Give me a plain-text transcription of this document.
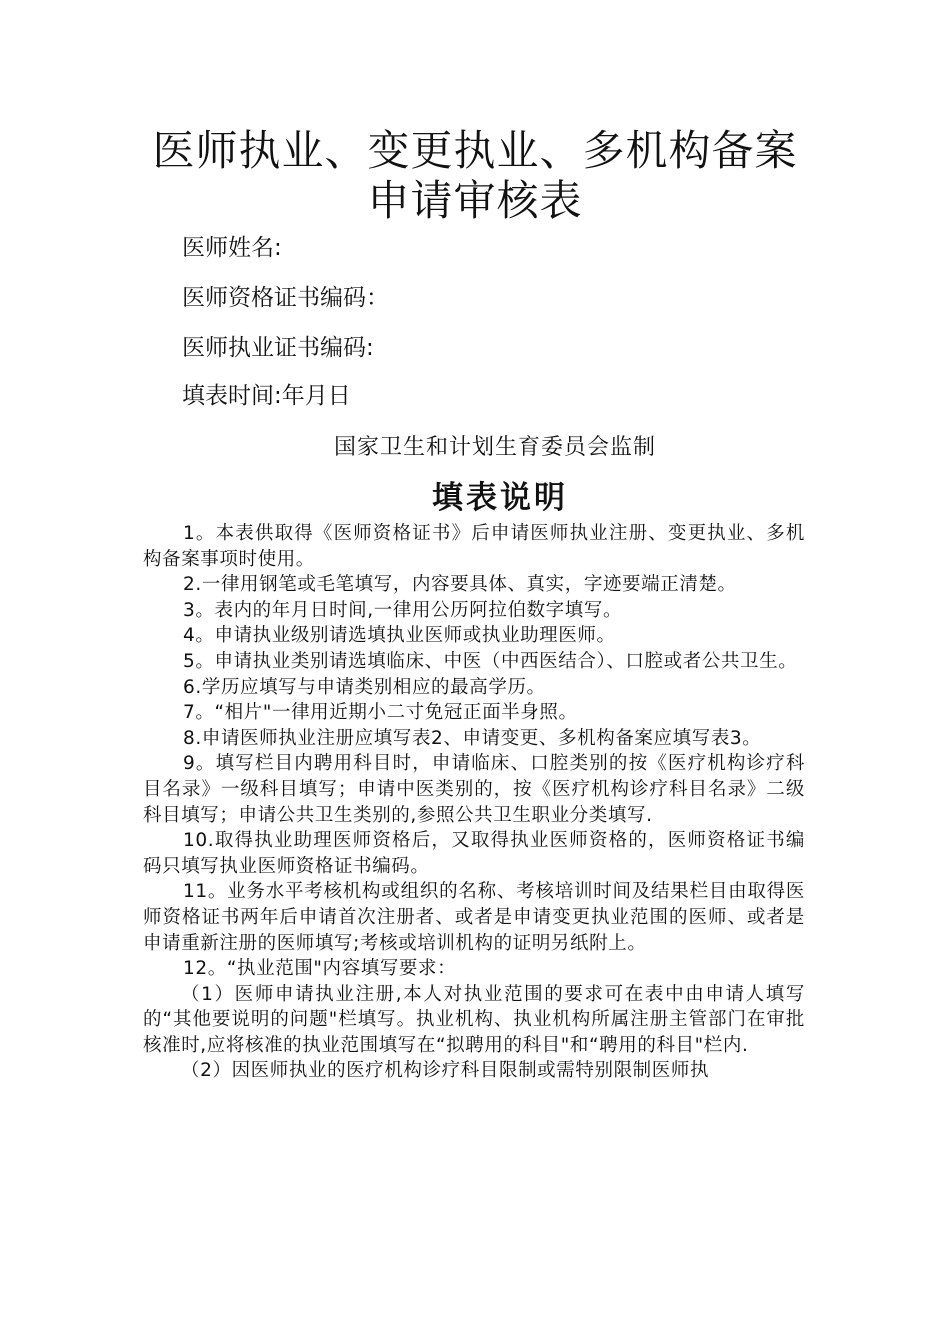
医师执业、变更执业、多机构备案
申请审核表
医师姓名:
医师资格证书编码：
医师执业证书编码:
填表时间:年月日
国家卫生和计划生育委员会监制
填表说明

1。本表供取得《医师资格证书》后申请医师执业注册、变更执业、多机构备案事项时使用。

2.一律用钢笔或毛笔填写，内容要具体、真实，字迹要端正清楚。

3。表内的年月日时间,一律用公历阿拉伯数字填写。

4。申请执业级别请选填执业医师或执业助理医师。

5。申请执业类别请选填临床、中医（中西医结合）、口腔或者公共卫生。

6.学历应填写与申请类别相应的最高学历。

7。“相片"一律用近期小二寸免冠正面半身照。

8.申请医师执业注册应填写表2、申请变更、多机构备案应填写表3。

9。填写栏目内聘用科目时，申请临床、口腔类别的按《医疗机构诊疗科目名录》一级科目填写；申请中医类别的，按《医疗机构诊疗科目名录》二级科目填写；申请公共卫生类别的,参照公共卫生职业分类填写.

10.取得执业助理医师资格后，又取得执业医师资格的，医师资格证书编码只填写执业医师资格证书编码。

11。业务水平考核机构或组织的名称、考核培训时间及结果栏目由取得医师资格证书两年后申请首次注册者、或者是申请变更执业范围的医师、或者是申请重新注册的医师填写;考核或培训机构的证明另纸附上。

12。“执业范围"内容填写要求：

（1）医师申请执业注册,本人对执业范围的要求可在表中由申请人填写的“其他要说明的问题"栏填写。执业机构、执业机构所属注册主管部门在审批核准时,应将核准的执业范围填写在“拟聘用的科目"和“聘用的科目"栏内.

（2）因医师执业的医疗机构诊疗科目限制或需特别限制医师执
